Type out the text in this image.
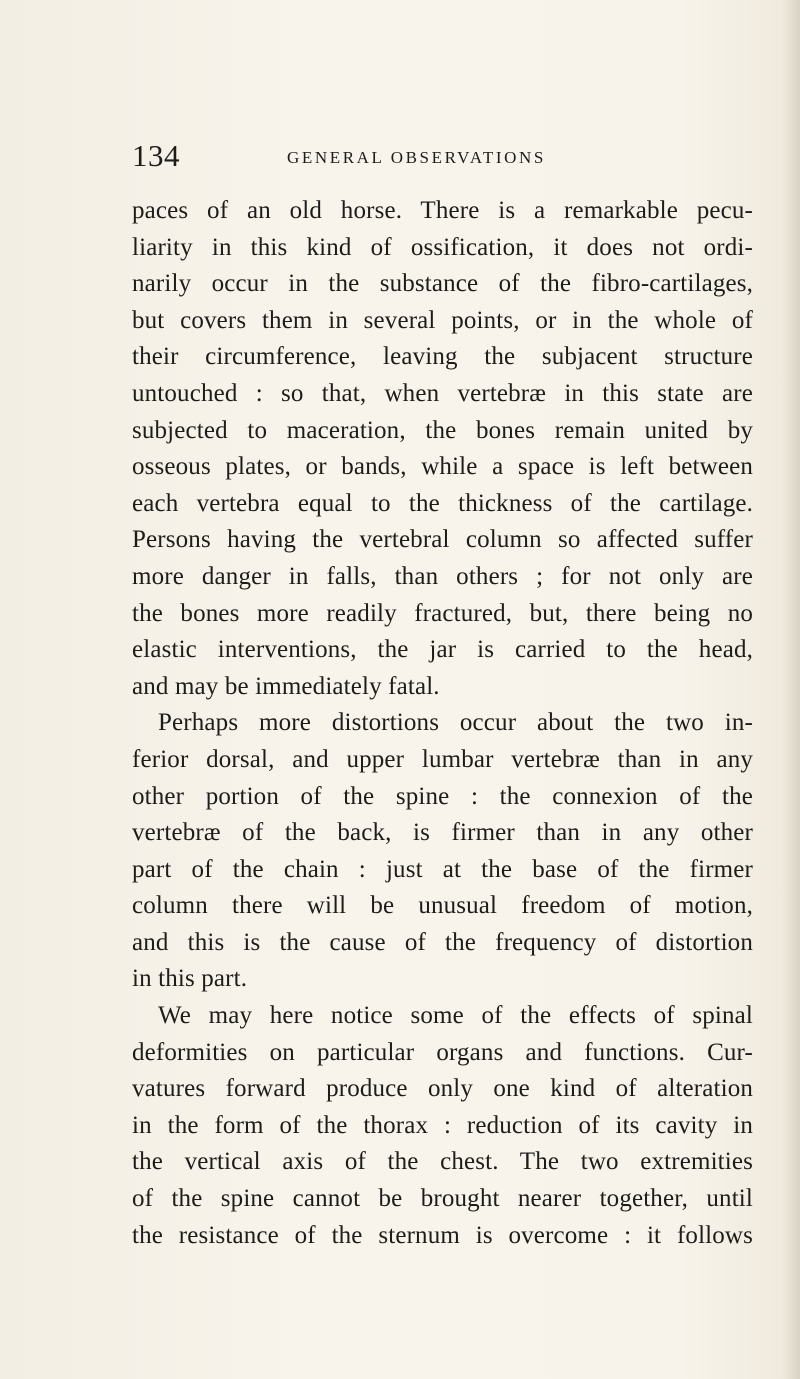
134	GENERAL OBSERVATIONS
paces of an old horse. There is a remarkable pecu-
liarity in this kind of ossification, it does not ordi-
narily occur in the substance of the fibro-cartilages,
but covers them in several points, or in the whole of
their circumference, leaving the subjacent structure
untouched : so that, when vertebræ in this state are
subjected to maceration, the bones remain united by
osseous plates, or bands, while a space is left between
each vertebra equal to the thickness of the cartilage.
Persons having the vertebral column so affected suffer
more danger in falls, than others ; for not only are
the bones more readily fractured, but, there being no
elastic interventions, the jar is carried to the head,
and may be immediately fatal.
Perhaps more distortions occur about the two in-
ferior dorsal, and upper lumbar vertebræ than in any
other portion of the spine : the connexion of the
vertebræ of the back, is firmer than in any other
part of the chain : just at the base of the firmer
column there will be unusual freedom of motion,
and this is the cause of the frequency of distortion
in this part.
We may here notice some of the effects of spinal
deformities on particular organs and functions. Cur-
vatures forward produce only one kind of alteration
in the form of the thorax : reduction of its cavity in
the vertical axis of the chest. The two extremities
of the spine cannot be brought nearer together, until
the resistance of the sternum is overcome : it follows
